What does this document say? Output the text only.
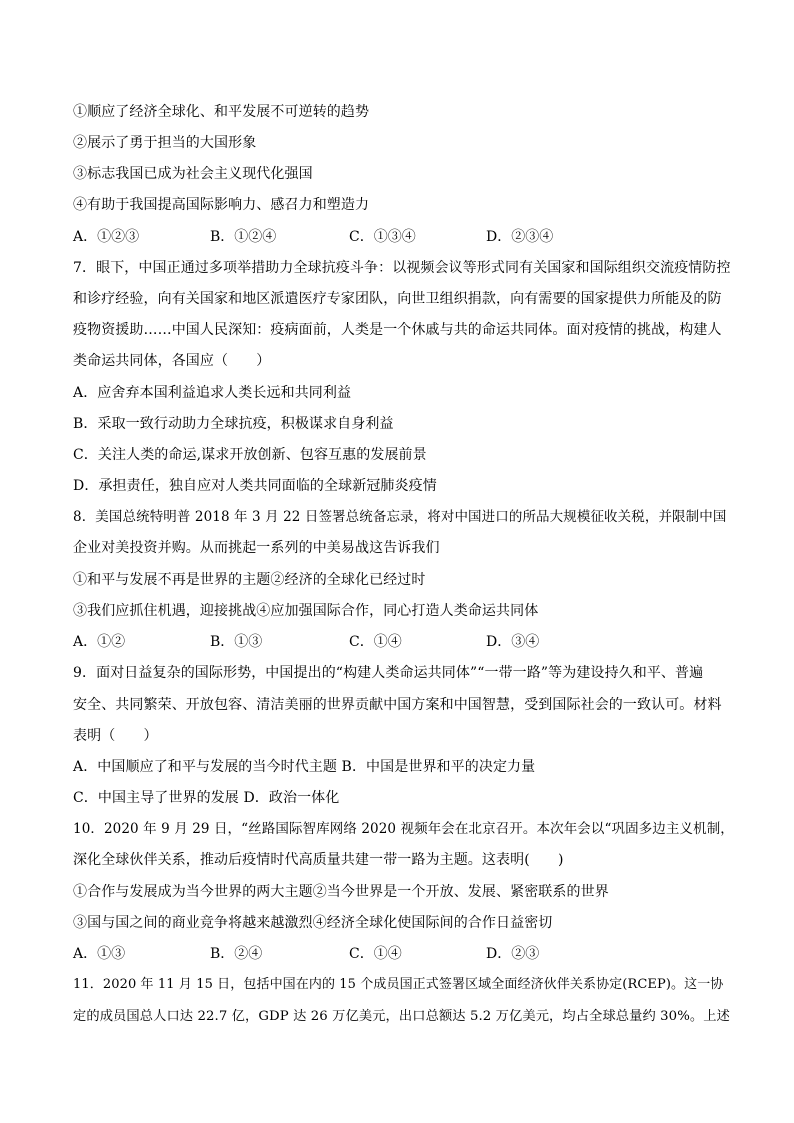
①顺应了经济全球化、和平发展不可逆转的趋势
②展示了勇于担当的大国形象
③标志我国已成为社会主义现代化强国
④有助于我国提高国际影响力、感召力和塑造力
A．①②③	B．①②④	C．①③④	D．②③④
7．眼下，中国正通过多项举措助力全球抗疫斗争：以视频会议等形式同有关国家和国际组织交流疫情防控
和诊疗经验，向有关国家和地区派遣医疗专家团队，向世卫组织捐款，向有需要的国家提供力所能及的防
疫物资援助……中国人民深知：疫病面前，人类是一个休戚与共的命运共同体。面对疫情的挑战，构建人
类命运共同体，各国应（　　）
A．应舍弃本国利益追求人类长远和共同利益
B．采取一致行动助力全球抗疫，积极谋求自身利益
C．关注人类的命运,谋求开放创新、包容互惠的发展前景
D．承担责任，独自应对人类共同面临的全球新冠肺炎疫情
8．美国总统特明普 2018 年 3 月 22 日签署总统备忘录，将对中国进口的所品大规模征收关税，并限制中国
企业对美投资并购。从而挑起一系列的中美易战这告诉我们
①和平与发展不再是世界的主题②经济的全球化已经过时
③我们应抓住机遇，迎接挑战④应加强国际合作，同心打造人类命运共同体
A．①②	B．①③	C．①④	D．③④
9．面对日益复杂的国际形势，中国提出的“构建人类命运共同体”“一带一路”等为建设持久和平、普遍
安全、共同繁荣、开放包容、清洁美丽的世界贡献中国方案和中国智慧，受到国际社会的一致认可。材料
表明（　　）
A．中国顺应了和平与发展的当今时代主题 B．中国是世界和平的决定力量
C．中国主导了世界的发展 D．政治一体化
10．2020 年 9 月 29 日，“丝路国际智库网络 2020 视频年会在北京召开。本次年会以“巩固多边主义机制，
深化全球伙伴关系，推动后疫情时代高质量共建一带一路为主题。这表明(　　)
①合作与发展成为当今世界的两大主题②当今世界是一个开放、发展、紧密联系的世界
③国与国之间的商业竞争将越来越激烈④经济全球化使国际间的合作日益密切
A．①③	B．②④	C．①④	D．②③
11．2020 年 11 月 15 日，包括中国在内的 15 个成员国正式签署区域全面经济伙伴关系协定(RCEP)。这一协
定的成员国总人口达 22.7 亿，GDP 达 26 万亿美元，出口总额达 5.2 万亿美元，均占全球总量约 30%。上述
